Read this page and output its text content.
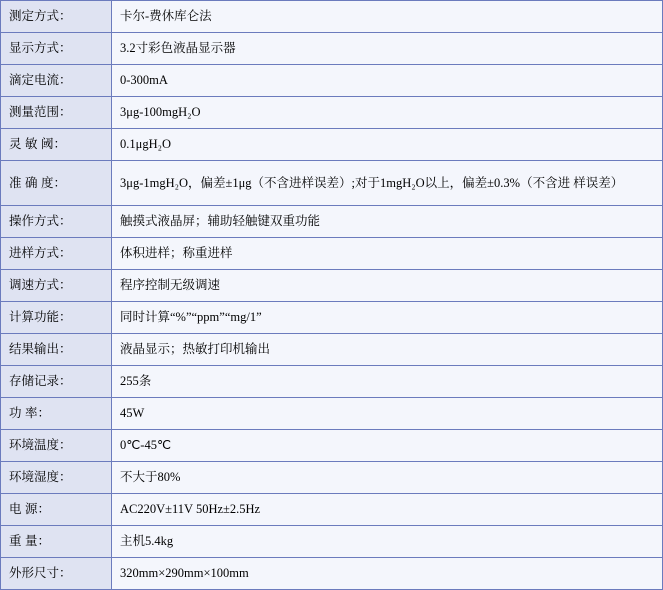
测定方式：	卡尔-费休库仑法
显示方式：	3.2寸彩色液晶显示器
滴定电流：	0-300mA
测量范围：	3μg-100mgH₂O
灵 敏 阈：	0.1μgH₂O
准 确 度：	3μg-1mgH₂O，偏差±1μg（不含进样误差）;对于1mgH₂O以上，偏差±0.3%（不含进 样误差）
操作方式：	触摸式液晶屏；辅助轻触键双重功能
进样方式：	体积进样；称重进样
调速方式：	程序控制无级调速
计算功能：	同时计算“%”“ppm”“mg/1”
结果输出：	液晶显示；热敏打印机输出
存储记录：	255条
功 率：	45W
环境温度：	0℃-45℃
环境湿度：	不大于80%
电 源：	AC220V±11V 50Hz±2.5Hz
重 量：	主机5.4kg
外形尺寸：	320mm×290mm×100mm
